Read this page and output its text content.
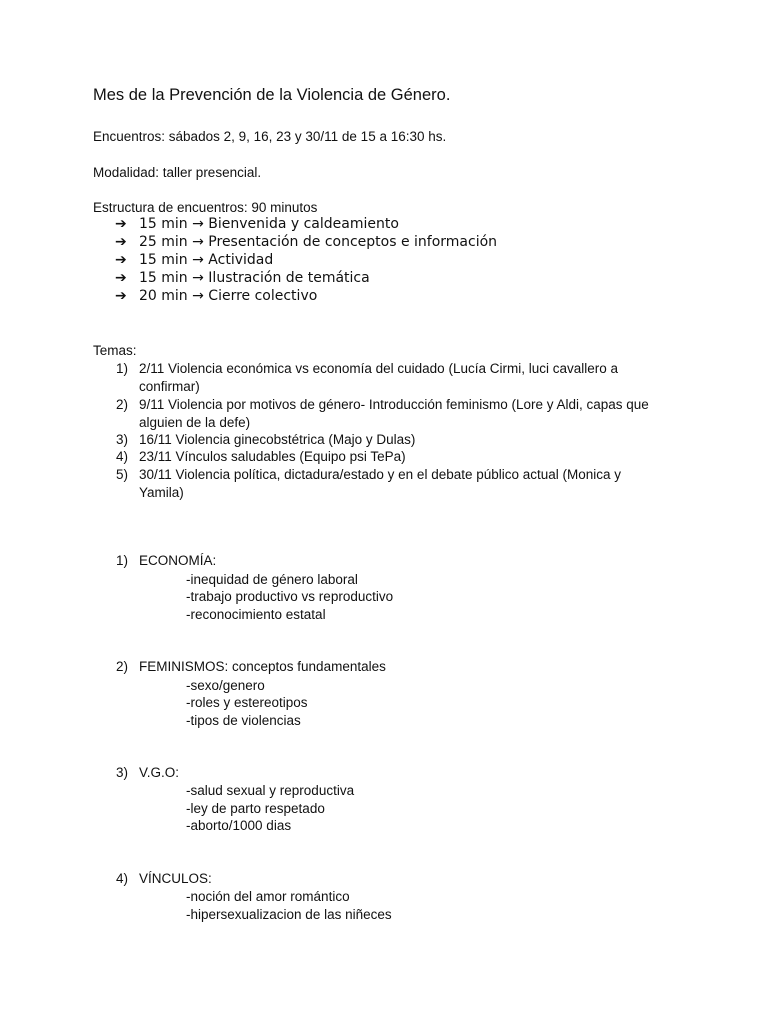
Mes de la Prevención de la Violencia de Género.
Encuentros: sábados 2, 9, 16, 23 y 30/11 de 15 a 16:30 hs.
Modalidad: taller presencial.
Estructura de encuentros: 90 minutos
➔ 15 min → Bienvenida y caldeamiento
➔ 25 min → Presentación de conceptos e información
➔ 15 min → Actividad
➔ 15 min → Ilustración de temática
➔ 20 min → Cierre colectivo
Temas:
1) 2/11 Violencia económica vs economía del cuidado (Lucía Cirmi, luci cavallero a confirmar)
2) 9/11 Violencia por motivos de género- Introducción feminismo (Lore y Aldi, capas que alguien de la defe)
3) 16/11 Violencia ginecobstétrica (Majo y Dulas)
4) 23/11 Vínculos saludables (Equipo psi TePa)
5) 30/11 Violencia política, dictadura/estado y en el debate público actual (Monica y Yamila)
1) ECONOMÍA:
-inequidad de género laboral
-trabajo productivo vs reproductivo
-reconocimiento estatal
2) FEMINISMOS: conceptos fundamentales
-sexo/genero
-roles y estereotipos
-tipos de violencias
3) V.G.O:
-salud sexual y reproductiva
-ley de parto respetado
-aborto/1000 dias
4) VÍNCULOS:
-noción del amor romántico
-hipersexualizacion de las niñeces
